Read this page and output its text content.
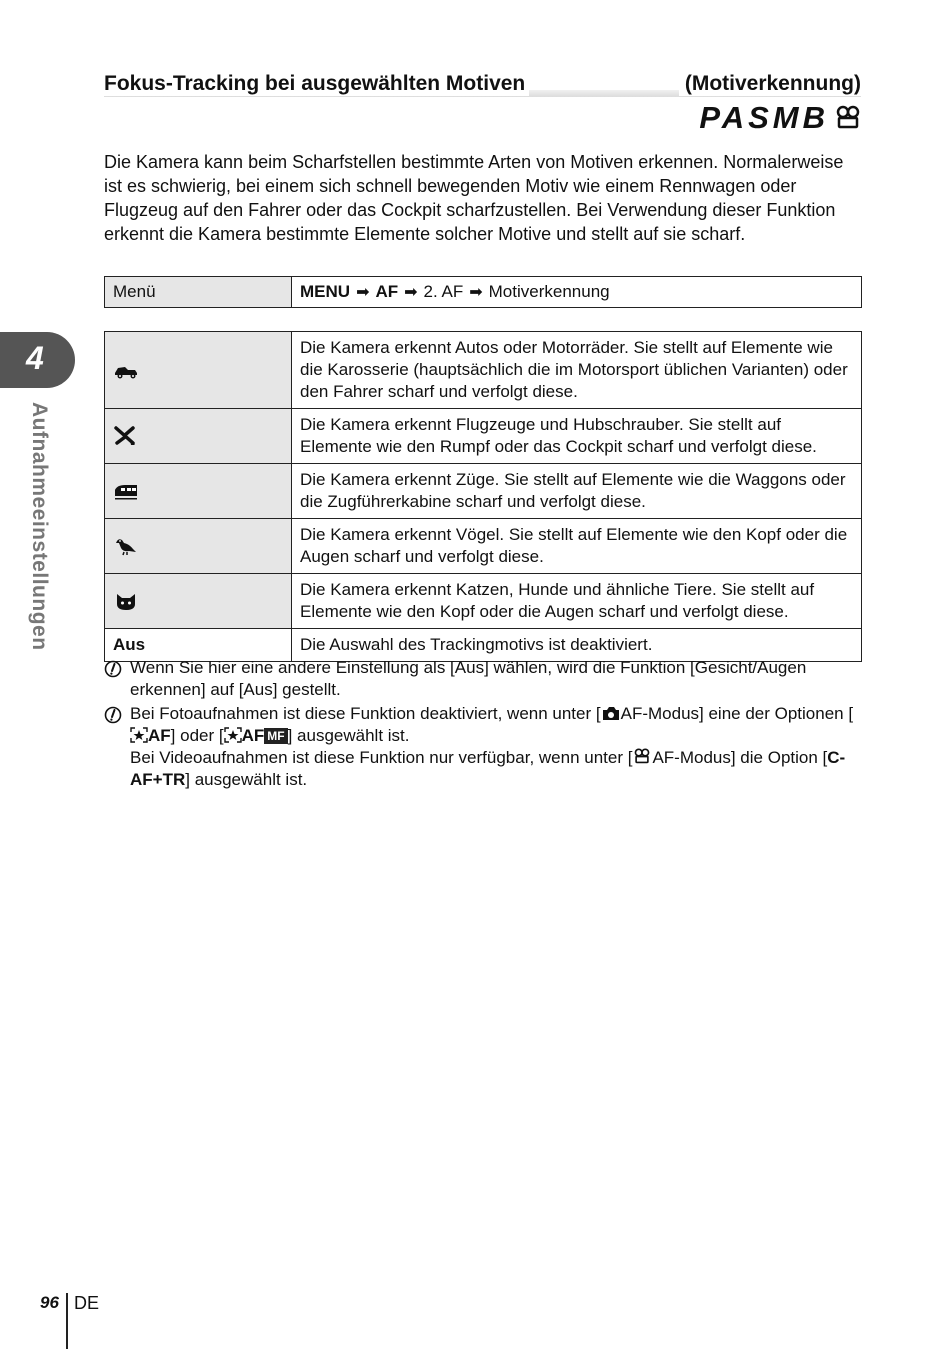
Fokus-Tracking bei ausgewählten Motiven	(Motiverkennung)
PASMB

Die Kamera kann beim Scharfstellen bestimmte Arten von Motiven erkennen. Normalerweise ist es schwierig, bei einem sich schnell bewegenden Motiv wie einem Rennwagen oder Flugzeug auf den Fahrer oder das Cockpit scharfzustellen. Bei Verwendung dieser Funktion erkennt die Kamera bestimmte Elemente solcher Motive und stellt auf sie scharf.

Menü	MENU ➡ AF ➡ 2. AF ➡ Motiverkennung
	Die Kamera erkennt Autos oder Motorräder. Sie stellt auf Elemente wie die Karosserie (hauptsächlich die im Motorsport üblichen Varianten) oder den Fahrer scharf und verfolgt diese.
	Die Kamera erkennt Flugzeuge und Hubschrauber. Sie stellt auf Elemente wie den Rumpf oder das Cockpit scharf und verfolgt diese.
	Die Kamera erkennt Züge. Sie stellt auf Elemente wie die Waggons oder die Zugführerkabine scharf und verfolgt diese.
	Die Kamera erkennt Vögel. Sie stellt auf Elemente wie den Kopf oder die Augen scharf und verfolgt diese.
	Die Kamera erkennt Katzen, Hunde und ähnliche Tiere. Sie stellt auf Elemente wie den Kopf oder die Augen scharf und verfolgt diese.
Aus	Die Auswahl des Trackingmotivs ist deaktiviert.

Wenn Sie hier eine andere Einstellung als [Aus] wählen, wird die Funktion [Gesicht/Augen erkennen] auf [Aus] gestellt.

Bei Fotoaufnahmen ist diese Funktion deaktiviert, wenn unter [ AF-Modus] eine der Optionen [AF] oder [ AF MF ] ausgewählt ist.

Bei Videoaufnahmen ist diese Funktion nur verfügbar, wenn unter [ AF-Modus] die Option [C-AF+TR] ausgewählt ist.

4
Aufnahmeeinstellungen
96 DE
